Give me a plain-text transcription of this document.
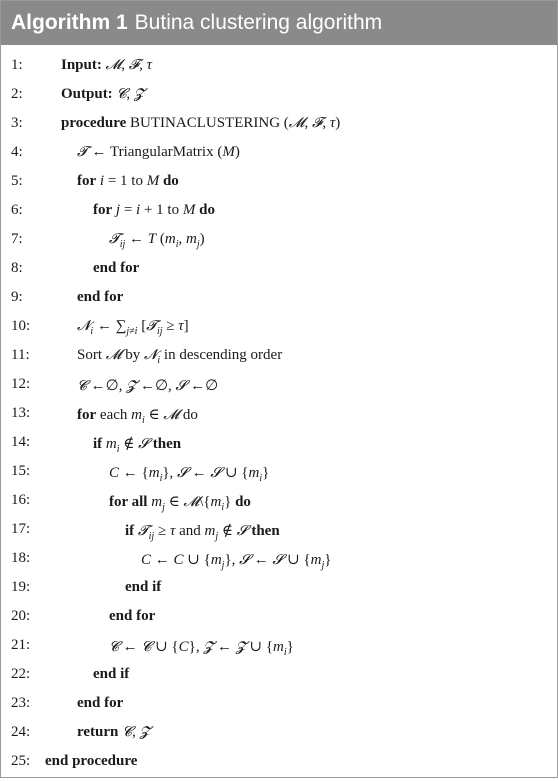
Algorithm 1 Butina clustering algorithm
1:	Input: 𝓜, 𝓕, τ
2:	Output: 𝓒, 𝓩
3:	procedure BUTINACLUSTERING (𝓜, 𝓕, τ)
4:	𝓣 ← TriangularMatrix (M)
5:	for i = 1 to M do
6:	for j = i + 1 to M do
7:	𝓣$_{ij}$ ← T ($m_i$, $m_j$)
8:	end for
9:	end for
10:	𝓝$_i$ ← $\sum_{j\ne i}$ [𝓣$_{ij}$ ≥ τ]
11:	Sort 𝓜 by 𝓝$_i$ in descending order
12:	𝓒 ←∅, 𝓩 ←∅, 𝓢 ←∅
13:	for each $m_i$ ∈ 𝓜 do
14:	if $m_i$ ∉ 𝓢 then
15:	C ← $\{m_i\}$, 𝓢 ← 𝓢 ∪ $\{m_i\}$
16:	for all $m_j$ ∈ $𝓜\backslash\{m_i\}$ do
17:	if 𝓣$_{ij}$ ≥ τ and $m_j$ ∉ 𝓢 then
18:	C ← C ∪ $\{m_j\}$, 𝓢 ← 𝓢 ∪ $\{m_j\}$
19:	end if
20:	end for
21:	𝓒 ← 𝓒 ∪ {C}, 𝓩 ← 𝓩 ∪ $\{m_i\}$
22:	end if
23:	end for
24:	return 𝓒, 𝓩
25: end procedure
